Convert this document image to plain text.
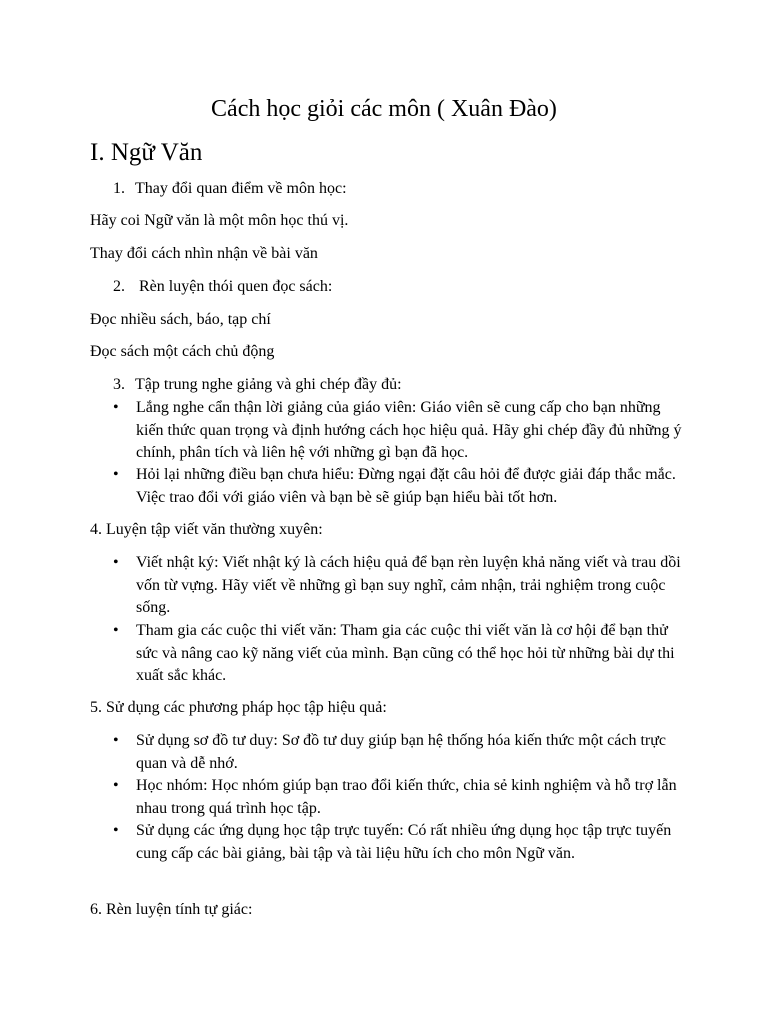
Cách học giỏi các môn ( Xuân Đào)
I. Ngữ Văn

1. Thay đổi quan điểm về môn học:

Hãy coi Ngữ văn là một môn học thú vị.

Thay đổi cách nhìn nhận về bài văn

2. Rèn luyện thói quen đọc sách:

Đọc nhiều sách, báo, tạp chí

Đọc sách một cách chủ động

3. Tập trung nghe giảng và ghi chép đầy đủ:

•	Lắng nghe cẩn thận lời giảng của giáo viên: Giáo viên sẽ cung cấp cho bạn những kiến thức quan trọng và định hướng cách học hiệu quả. Hãy ghi chép đầy đủ những ý chính, phân tích và liên hệ với những gì bạn đã học.
•	Hỏi lại những điều bạn chưa hiểu: Đừng ngại đặt câu hỏi để được giải đáp thắc mắc. Việc trao đổi với giáo viên và bạn bè sẽ giúp bạn hiểu bài tốt hơn.

4. Luyện tập viết văn thường xuyên:

•	Viết nhật ký: Viết nhật ký là cách hiệu quả để bạn rèn luyện khả năng viết và trau dồi vốn từ vựng. Hãy viết về những gì bạn suy nghĩ, cảm nhận, trải nghiệm trong cuộc sống.
•	Tham gia các cuộc thi viết văn: Tham gia các cuộc thi viết văn là cơ hội để bạn thử sức và nâng cao kỹ năng viết của mình. Bạn cũng có thể học hỏi từ những bài dự thi xuất sắc khác.

5. Sử dụng các phương pháp học tập hiệu quả:

•	Sử dụng sơ đồ tư duy: Sơ đồ tư duy giúp bạn hệ thống hóa kiến thức một cách trực quan và dễ nhớ.
•	Học nhóm: Học nhóm giúp bạn trao đổi kiến thức, chia sẻ kinh nghiệm và hỗ trợ lẫn nhau trong quá trình học tập.
•	Sử dụng các ứng dụng học tập trực tuyến: Có rất nhiều ứng dụng học tập trực tuyến cung cấp các bài giảng, bài tập và tài liệu hữu ích cho môn Ngữ văn.

6. Rèn luyện tính tự giác:
